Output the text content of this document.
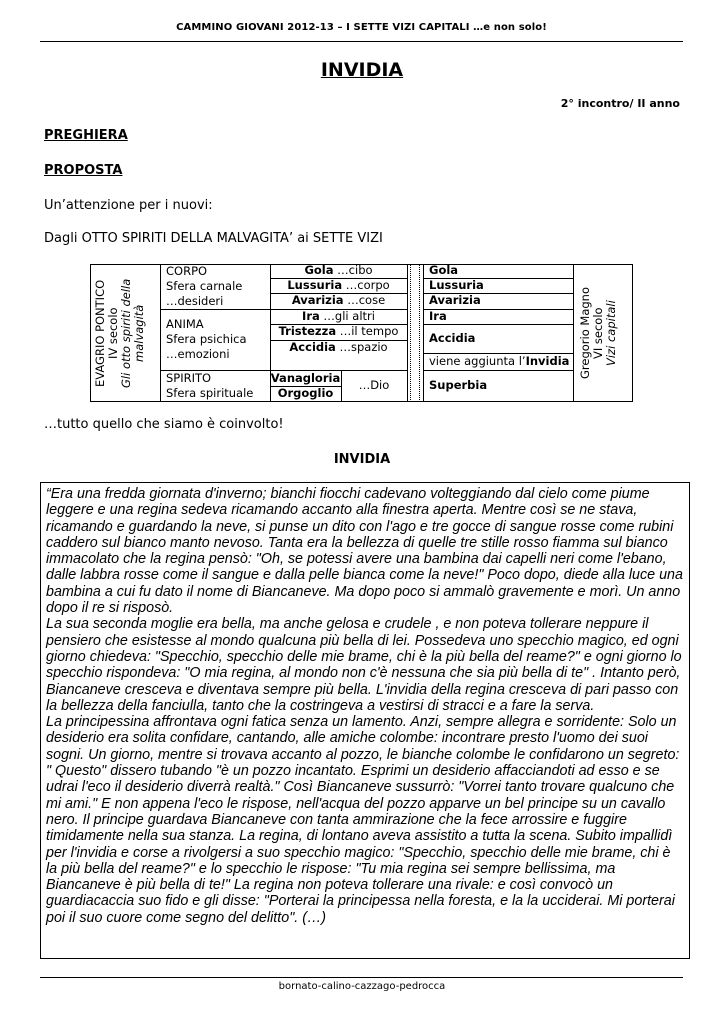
CAMMINO GIOVANI 2012-13 – I SETTE VIZI CAPITALI …e non solo!
INVIDIA
2° incontro/ II anno
PREGHIERA
PROPOSTA
Un’attenzione per i nuovi:
Dagli OTTO SPIRITI DELLA MALVAGITA’ ai SETTE VIZI
EVAGRIO PONTICO
IV secolo
Gli otto spiriti della
malvagità	Gregorio Magno
VI secolo
Vizi capitali
CORPO
Sfera carnale
…desideri
ANIMA
Sfera psichica
…emozioni
SPIRITO
Sfera spirituale
Gola …cibo
Lussuria …corpo
Avarizia …cose
Ira …gli altri
Tristezza …il tempo
Accidia …spazio
Vanagloria
Orgoglio
…Dio
Gola
Lussuria
Avarizia
Ira
Accidia
viene aggiunta l’Invidia
Superbia
…tutto quello che siamo è coinvolto!
INVIDIA

“Era una fredda giornata d'inverno; bianchi fiocchi cadevano volteggiando dal cielo come piume leggere e una regina sedeva ricamando accanto alla finestra aperta. Mentre così se ne stava, ricamando e guardando la neve, si punse un dito con l'ago e tre gocce di sangue rosse come rubini caddero sul bianco manto nevoso. Tanta era la bellezza di quelle tre stille rosso fiamma sul bianco immacolato che la regina pensò: "Oh, se potessi avere una bambina dai capelli neri come l'ebano, dalle labbra rosse come il sangue e dalla pelle bianca come la neve!" Poco dopo, diede alla luce una bambina a cui fu dato il nome di Biancaneve. Ma dopo poco si ammalò gravemente e morì. Un anno dopo il re si risposò.

La sua seconda moglie era bella, ma anche gelosa e crudele , e non poteva tollerare neppure il pensiero che esistesse al mondo qualcuna più bella di lei. Possedeva uno specchio magico, ed ogni giorno chiedeva: "Specchio, specchio delle mie brame, chi è la più bella del reame?" e ogni giorno lo specchio rispondeva: "O mia regina, al mondo non c'è nessuna che sia più bella di te" . Intanto però, Biancaneve cresceva e diventava sempre più bella. L'invidia della regina cresceva di pari passo con la bellezza della fanciulla, tanto che la costringeva a vestirsi di stracci e a fare la serva.

La principessina affrontava ogni fatica senza un lamento. Anzi, sempre allegra e sorridente: Solo un desiderio era solita confidare, cantando, alle amiche colombe: incontrare presto l'uomo dei suoi sogni. Un giorno, mentre si trovava accanto al pozzo, le bianche colombe le confidarono un segreto: " Questo" dissero tubando "è un pozzo incantato. Esprimi un desiderio affacciandoti ad esso e se udrai l'eco il desiderio diverrà realtà." Così Biancaneve sussurrò: "Vorrei tanto trovare qualcuno che mi ami." E non appena l'eco le rispose, nell'acqua del pozzo apparve un bel principe su un cavallo nero. Il principe guardava Biancaneve con tanta ammirazione che la fece arrossire e fuggire timidamente nella sua stanza. La regina, di lontano aveva assistito a tutta la scena. Subito impallidì per l'invidia e corse a rivolgersi a suo specchio magico: "Specchio, specchio delle mie brame, chi è la più bella del reame?" e lo specchio le rispose: "Tu mia regina sei sempre bellissima, ma Biancaneve è più bella di te!" La regina non poteva tollerare una rivale: e così convocò un guardiacaccia suo fido e gli disse: "Porterai la principessa nella foresta, e la la ucciderai. Mi porterai poi il suo cuore come segno del delitto". (…)

bornato-calino-cazzago-pedrocca
